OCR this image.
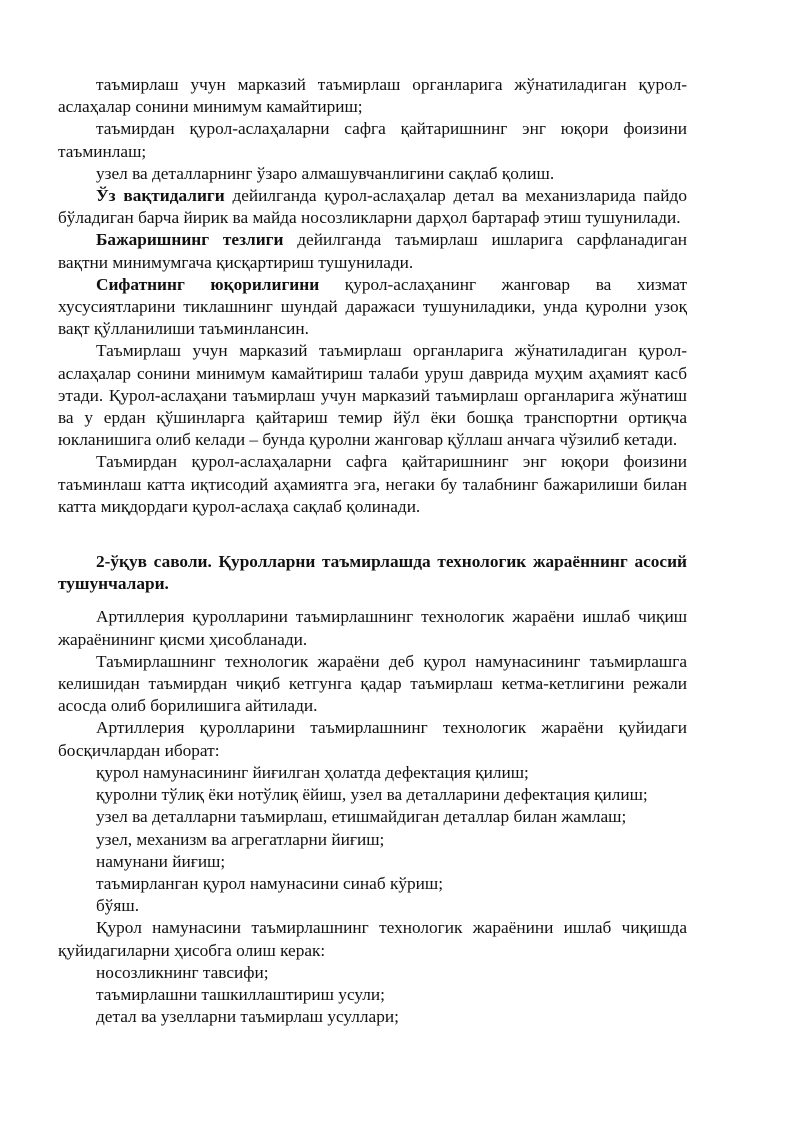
таъмирлаш учун марказий таъмирлаш органларига жўнатиладиган қурол-аслаҳалар сонини минимум камайтириш;

таъмирдан қурол-аслаҳаларни сафга қайтаришнинг энг юқори фоизини таъминлаш;

узел ва деталларнинг ўзаро алмашувчанлигини сақлаб қолиш.

Ўз вақтидалиги дейилганда қурол-аслаҳалар детал ва механизларида пайдо бўладиган барча йирик ва майда носозликларни дарҳол бартараф этиш тушунилади.

Бажаришнинг тезлиги дейилганда таъмирлаш ишларига сарфланадиган вақтни минимумгача қисқартириш тушунилади.

Сифатнинг юқорилигини қурол-аслаҳанинг жанговар ва хизмат хусусиятларини тиклашнинг шундай даражаси тушуниладики, унда қуролни узоқ вақт қўлланилиши таъминлансин.

Таъмирлаш учун марказий таъмирлаш органларига жўнатиладиган қурол-аслаҳалар сонини минимум камайтириш талаби уруш даврида муҳим аҳамият касб этади. Қурол-аслаҳани таъмирлаш учун марказий таъмирлаш органларига жўнатиш ва у ердан қўшинларга қайтариш темир йўл ёки бошқа транспортни ортиқча юкланишига олиб келади – бунда қуролни жанговар қўллаш анчага чўзилиб кетади.

Таъмирдан қурол-аслаҳаларни сафга қайтаришнинг энг юқори фоизини таъминлаш катта иқтисодий аҳамиятга эга, негаки бу талабнинг бажарилиши билан катта миқдордаги қурол-аслаҳа сақлаб қолинади.

2-ўқув саволи. Қуролларни таъмирлашда технологик жараённинг асосий тушунчалари.

Артиллерия қуролларини таъмирлашнинг технологик жараёни ишлаб чиқиш жараёнининг қисми ҳисобланади.

Таъмирлашнинг технологик жараёни деб қурол намунасининг таъмирлашга келишидан таъмирдан чиқиб кетгунга қадар таъмирлаш кетма-кетлигини режали асосда олиб борилишига айтилади.

Артиллерия қуролларини таъмирлашнинг технологик жараёни қуйидаги босқичлардан иборат:

қурол намунасининг йиғилган ҳолатда дефектация қилиш;

қуролни тўлиқ ёки нотўлиқ ёйиш, узел ва деталларини дефектация қилиш;

узел ва деталларни таъмирлаш, етишмайдиган деталлар билан жамлаш;

узел, механизм ва агрегатларни йиғиш;

намунани йиғиш;

таъмирланган қурол намунасини синаб кўриш;

бўяш.

Қурол намунасини таъмирлашнинг технологик жараёнини ишлаб чиқишда қуйидагиларни ҳисобга олиш керак:

носозликнинг тавсифи;

таъмирлашни ташкиллаштириш усули;

детал ва узелларни таъмирлаш усуллари;
